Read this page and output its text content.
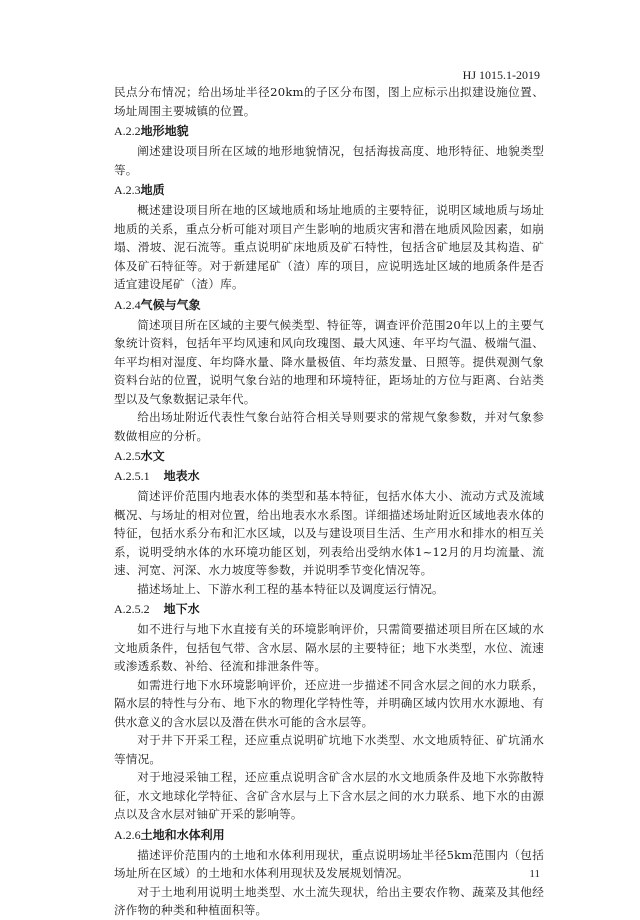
HJ 1015.1-2019

民点分布情况；给出场址半径20km的子区分布图，图上应标示出拟建设施位置、场址周围主要城镇的位置。

A.2.2地形地貌

阐述建设项目所在区域的地形地貌情况，包括海拔高度、地形特征、地貌类型等。

A.2.3地质

概述建设项目所在地的区域地质和场址地质的主要特征，说明区域地质与场址地质的关系，重点分析可能对项目产生影响的地质灾害和潜在地质风险因素，如崩塌、滑坡、泥石流等。重点说明矿床地质及矿石特性，包括含矿地层及其构造、矿体及矿石特征等。对于新建尾矿（渣）库的项目，应说明选址区域的地质条件是否适宜建设尾矿（渣）库。

A.2.4气候与气象

简述项目所在区域的主要气候类型、特征等，调查评价范围20年以上的主要气象统计资料，包括年平均风速和风向玫瑰图、最大风速、年平均气温、极端气温、年平均相对湿度、年均降水量、降水量极值、年均蒸发量、日照等。提供观测气象资料台站的位置，说明气象台站的地理和环境特征，距场址的方位与距离、台站类型以及气象数据记录年代。

给出场址附近代表性气象台站符合相关导则要求的常规气象参数，并对气象参数做相应的分析。

A.2.5水文
A.2.5.1 地表水

简述评价范围内地表水体的类型和基本特征，包括水体大小、流动方式及流域概况、与场址的相对位置，给出地表水水系图。详细描述场址附近区域地表水体的特征，包括水系分布和汇水区域，以及与建设项目生活、生产用水和排水的相互关系，说明受纳水体的水环境功能区划，列表给出受纳水体1~12月的月均流量、流速、河宽、河深、水力坡度等参数，并说明季节变化情况等。

描述场址上、下游水利工程的基本特征以及调度运行情况。

A.2.5.2 地下水

如不进行与地下水直接有关的环境影响评价，只需简要描述项目所在区域的水文地质条件，包括包气带、含水层、隔水层的主要特征；地下水类型，水位、流速或渗透系数、补给、径流和排泄条件等。

如需进行地下水环境影响评价，还应进一步描述不同含水层之间的水力联系，隔水层的特性与分布、地下水的物理化学特性等，并明确区域内饮用水水源地、有供水意义的含水层以及潜在供水可能的含水层等。

对于井下开采工程，还应重点说明矿坑地下水类型、水文地质特征、矿坑涌水等情况。

对于地浸采铀工程，还应重点说明含矿含水层的水文地质条件及地下水弥散特征，水文地球化学特征、含矿含水层与上下含水层之间的水力联系、地下水的由源点以及含水层对铀矿开采的影响等。

A.2.6土地和水体利用

描述评价范围内的土地和水体利用现状，重点说明场址半径5km范围内（包括场址所在区域）的土地和水体利用现状及发展规划情况。

对于土地利用说明土地类型、水土流失现状，给出主要农作物、蔬菜及其他经济作物的种类和种植面积等。

11
